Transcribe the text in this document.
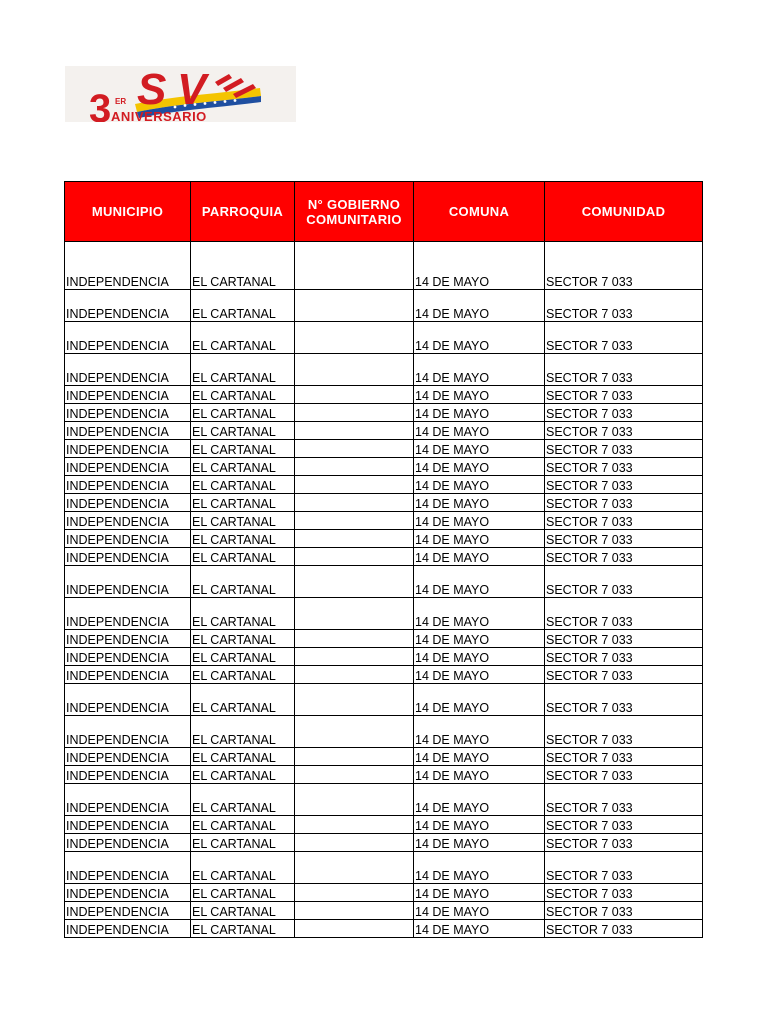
S V
3 ER
ANIVERSARIO
MUNICIPIO	PARROQUIA	N° GOBIERNO COMUNITARIO	COMUNA	COMUNIDAD
INDEPENDENCIA	EL CARTANAL		14 DE MAYO	SECTOR 7 033
INDEPENDENCIA	EL CARTANAL		14 DE MAYO	SECTOR 7 033
INDEPENDENCIA	EL CARTANAL		14 DE MAYO	SECTOR 7 033
INDEPENDENCIA	EL CARTANAL		14 DE MAYO	SECTOR 7 033
INDEPENDENCIA	EL CARTANAL		14 DE MAYO	SECTOR 7 033
INDEPENDENCIA	EL CARTANAL		14 DE MAYO	SECTOR 7 033
INDEPENDENCIA	EL CARTANAL		14 DE MAYO	SECTOR 7 033
INDEPENDENCIA	EL CARTANAL		14 DE MAYO	SECTOR 7 033
INDEPENDENCIA	EL CARTANAL		14 DE MAYO	SECTOR 7 033
INDEPENDENCIA	EL CARTANAL		14 DE MAYO	SECTOR 7 033
INDEPENDENCIA	EL CARTANAL		14 DE MAYO	SECTOR 7 033
INDEPENDENCIA	EL CARTANAL		14 DE MAYO	SECTOR 7 033
INDEPENDENCIA	EL CARTANAL		14 DE MAYO	SECTOR 7 033
INDEPENDENCIA	EL CARTANAL		14 DE MAYO	SECTOR 7 033
INDEPENDENCIA	EL CARTANAL		14 DE MAYO	SECTOR 7 033
INDEPENDENCIA	EL CARTANAL		14 DE MAYO	SECTOR 7 033
INDEPENDENCIA	EL CARTANAL		14 DE MAYO	SECTOR 7 033
INDEPENDENCIA	EL CARTANAL		14 DE MAYO	SECTOR 7 033
INDEPENDENCIA	EL CARTANAL		14 DE MAYO	SECTOR 7 033
INDEPENDENCIA	EL CARTANAL		14 DE MAYO	SECTOR 7 033
INDEPENDENCIA	EL CARTANAL		14 DE MAYO	SECTOR 7 033
INDEPENDENCIA	EL CARTANAL		14 DE MAYO	SECTOR 7 033
INDEPENDENCIA	EL CARTANAL		14 DE MAYO	SECTOR 7 033
INDEPENDENCIA	EL CARTANAL		14 DE MAYO	SECTOR 7 033
INDEPENDENCIA	EL CARTANAL		14 DE MAYO	SECTOR 7 033
INDEPENDENCIA	EL CARTANAL		14 DE MAYO	SECTOR 7 033
INDEPENDENCIA	EL CARTANAL		14 DE MAYO	SECTOR 7 033
INDEPENDENCIA	EL CARTANAL		14 DE MAYO	SECTOR 7 033
INDEPENDENCIA	EL CARTANAL		14 DE MAYO	SECTOR 7 033
INDEPENDENCIA	EL CARTANAL		14 DE MAYO	SECTOR 7 033
